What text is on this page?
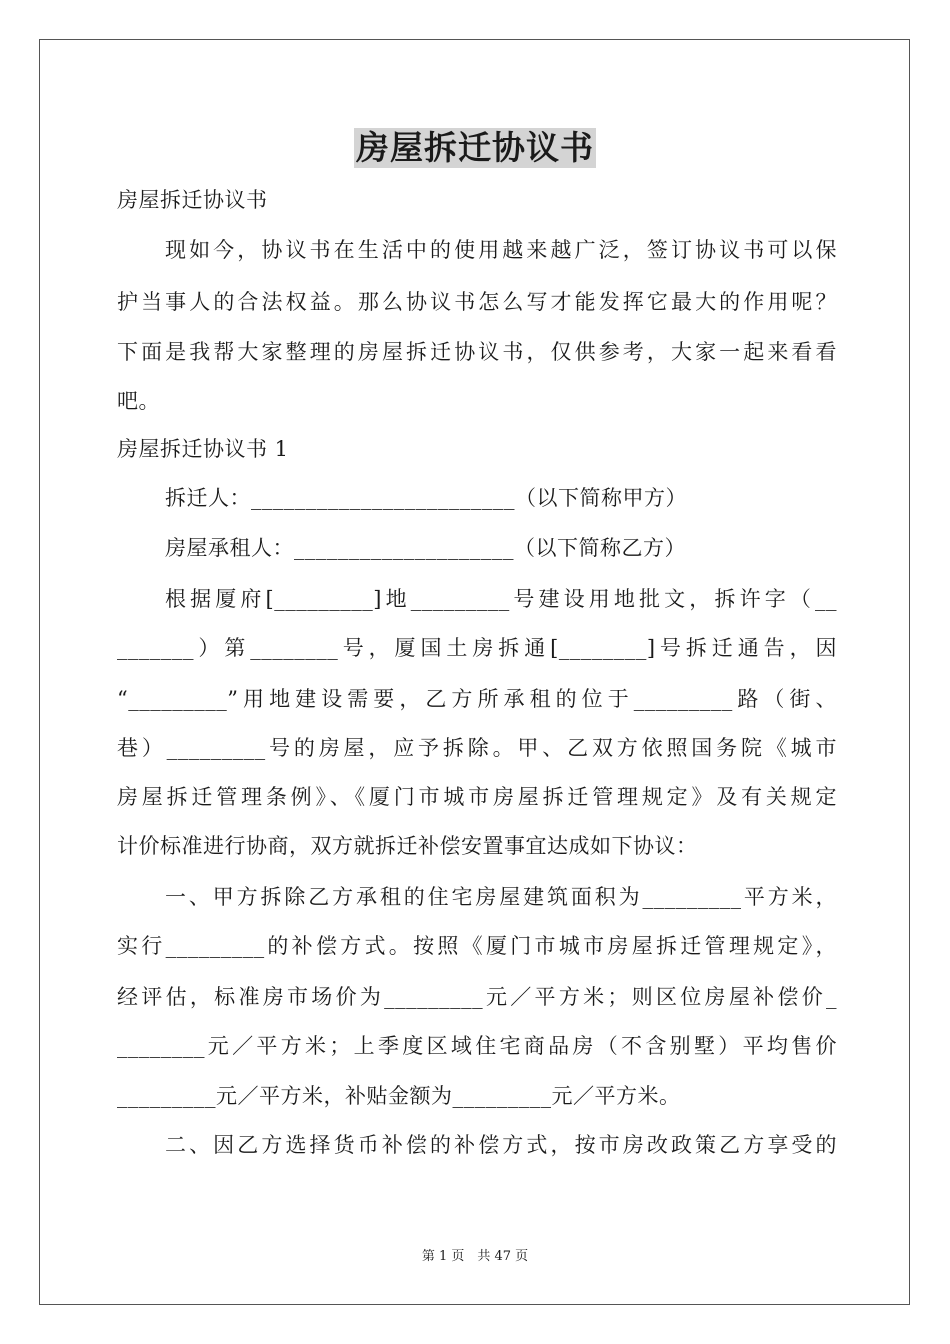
房屋拆迁协议书
房屋拆迁协议书
现如今，协议书在生活中的使用越来越广泛，签订协议书可以保
护当事人的合法权益。那么协议书怎么写才能发挥它最大的作用呢？
下面是我帮大家整理的房屋拆迁协议书，仅供参考，大家一起来看看
吧。
房屋拆迁协议书 1
拆迁人：________________________（以下简称甲方）
房屋承租人：____________________（以下简称乙方）
根据厦府[_________]地_________号建设用地批文，拆许字（__
_______）第________号，厦国土房拆通[________]号拆迁通告，因
“_________”用地建设需要，乙方所承租的位于_________路（街、
巷）_________号的房屋，应予拆除。甲、乙双方依照国务院《城市
房屋拆迁管理条例》、《厦门市城市房屋拆迁管理规定》及有关规定
计价标准进行协商，双方就拆迁补偿安置事宜达成如下协议：
一、甲方拆除乙方承租的住宅房屋建筑面积为_________平方米，
实行_________的补偿方式。按照《厦门市城市房屋拆迁管理规定》，
经评估，标准房市场价为_________元／平方米；则区位房屋补偿价_
________元／平方米；上季度区域住宅商品房（不含别墅）平均售价
_________元／平方米，补贴金额为_________元／平方米。
二、因乙方选择货币补偿的补偿方式，按市房改政策乙方享受的
第 1 页　共 47 页
